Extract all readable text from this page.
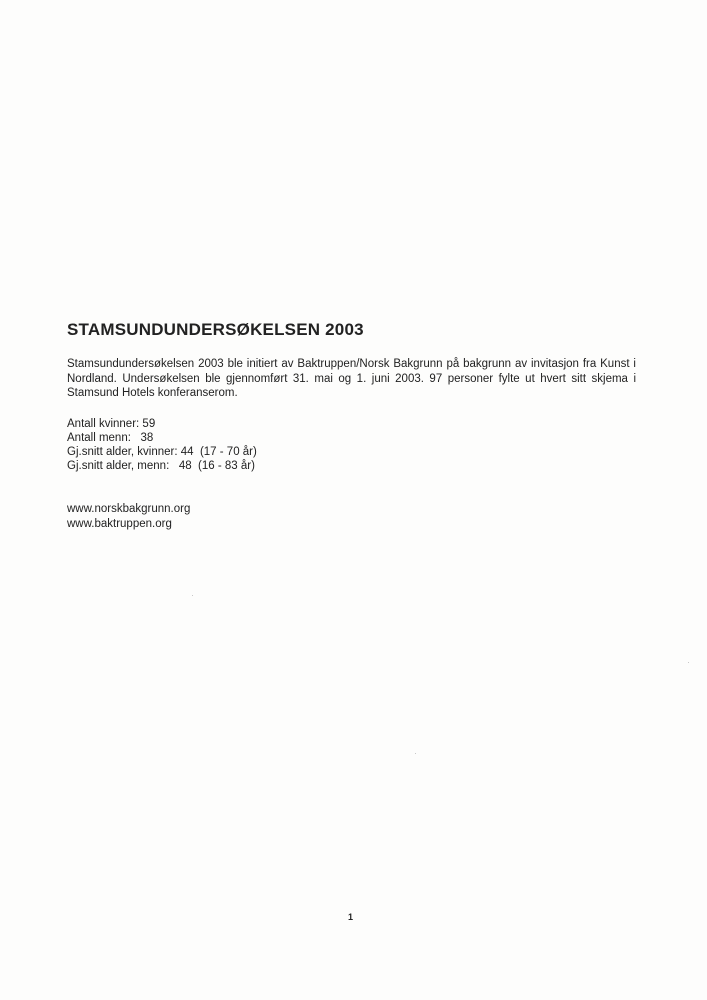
STAMSUNDUNDERSØKELSEN 2003

Stamsundundersøkelsen 2003 ble initiert av Baktruppen/Norsk Bakgrunn på bakgrunn av invitasjon fra Kunst i Nordland. Undersøkelsen ble gjennomført 31. mai og 1. juni 2003. 97 personer fylte ut hvert sitt skjema i Stamsund Hotels konferanserom.

Antall kvinner: 59
Antall menn:   38
Gj.snitt alder, kvinner: 44  (17 - 70 år)
Gj.snitt alder, menn:   48  (16 - 83 år)
www.norskbakgrunn.org
www.baktruppen.org
1
